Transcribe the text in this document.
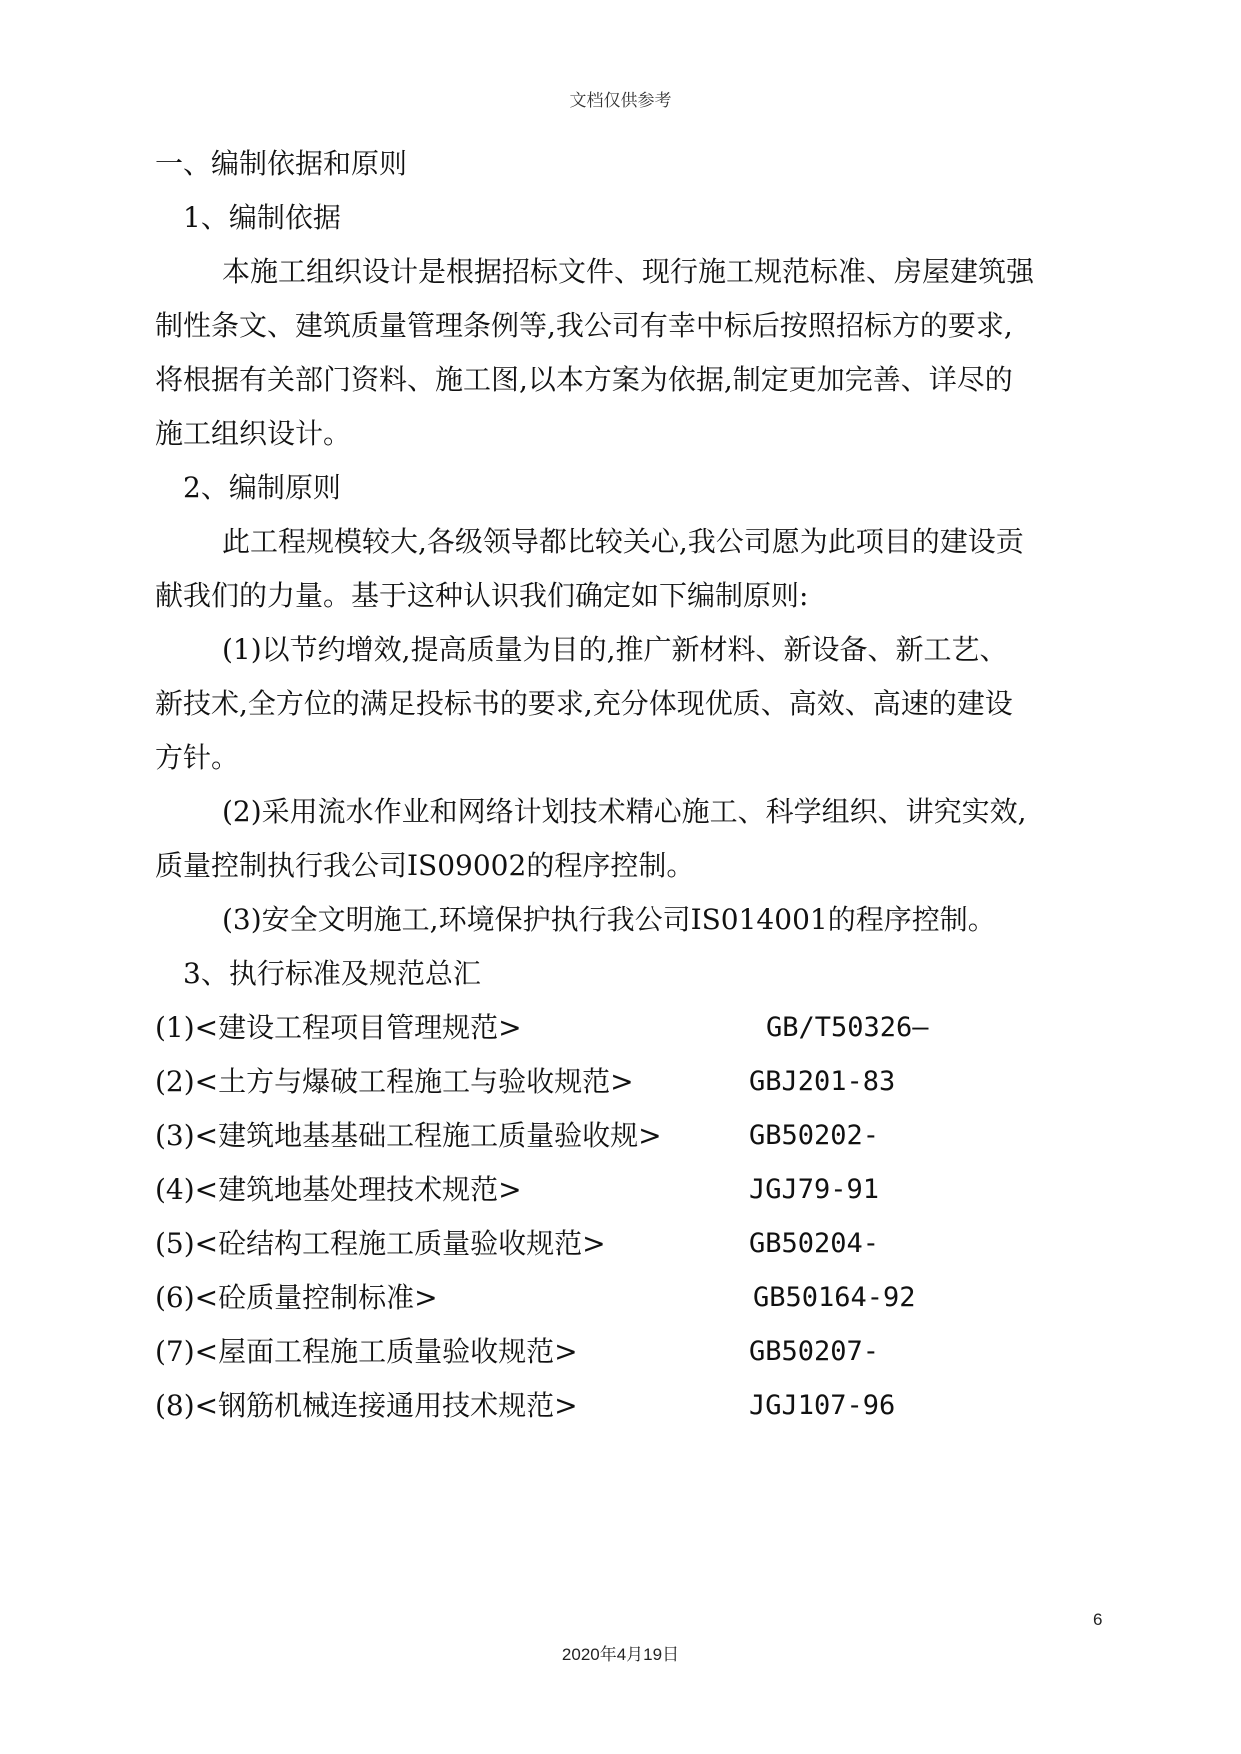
文档仅供参考

一、编制依据和原则

1、编制依据

本施工组织设计是根据招标文件、现行施工规范标准、房屋建筑强

制性条文、建筑质量管理条例等,我公司有幸中标后按照招标方的要求,

将根据有关部门资料、施工图,以本方案为依据,制定更加完善、详尽的

施工组织设计。

2、编制原则

此工程规模较大,各级领导都比较关心,我公司愿为此项目的建设贡

献我们的力量。基于这种认识我们确定如下编制原则:

(1)以节约增效,提高质量为目的,推广新材料、新设备、新工艺、

新技术,全方位的满足投标书的要求,充分体现优质、高效、高速的建设

方针。

(2)采用流水作业和网络计划技术精心施工、科学组织、讲究实效,

质量控制执行我公司IS09002的程序控制。

(3)安全文明施工,环境保护执行我公司IS014001的程序控制。

3、执行标准及规范总汇

(1)<建设工程项目管理规范>	GB/T50326—
(2)<土方与爆破工程施工与验收规范>	GBJ201-83
(3)<建筑地基基础工程施工质量验收规>	GB50202-
(4)<建筑地基处理技术规范>	JGJ79-91
(5)<砼结构工程施工质量验收规范>	GB50204-
(6)<砼质量控制标准>	GB50164-92
(7)<屋面工程施工质量验收规范>	GB50207-
(8)<钢筋机械连接通用技术规范>	JGJ107-96
6
2020年4月19日
